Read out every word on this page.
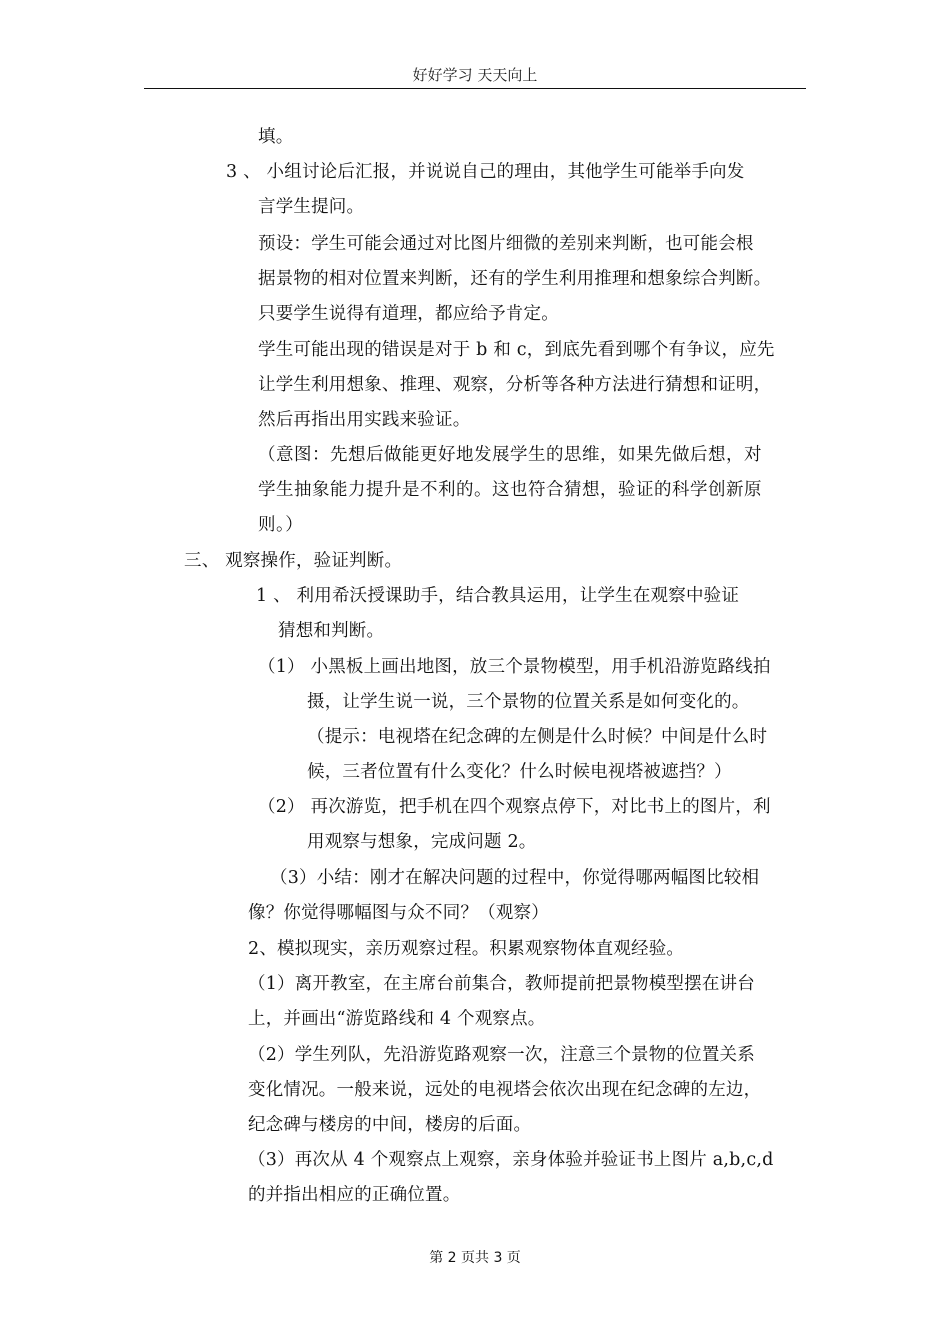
好好学习 天天向上
填。
3 、 小组讨论后汇报，并说说自己的理由，其他学生可能举手向发
言学生提问。
预设：学生可能会通过对比图片细微的差别来判断，也可能会根
据景物的相对位置来判断，还有的学生利用推理和想象综合判断。
只要学生说得有道理，都应给予肯定。
学生可能出现的错误是对于 b 和 c，到底先看到哪个有争议，应先
让学生利用想象、推理、观察，分析等各种方法进行猜想和证明，
然后再指出用实践来验证。
（意图：先想后做能更好地发展学生的思维，如果先做后想，对
学生抽象能力提升是不利的。这也符合猜想，验证的科学创新原
则。）
三、 观察操作，验证判断。
1 、 利用希沃授课助手，结合教具运用，让学生在观察中验证
猜想和判断。
（1） 小黑板上画出地图，放三个景物模型，用手机沿游览路线拍
摄，让学生说一说，三个景物的位置关系是如何变化的。
（提示：电视塔在纪念碑的左侧是什么时候？中间是什么时
候，三者位置有什么变化？什么时候电视塔被遮挡？）
（2） 再次游览，把手机在四个观察点停下，对比书上的图片，利
用观察与想象，完成问题 2。
（3）小结：刚才在解决问题的过程中，你觉得哪两幅图比较相
像？你觉得哪幅图与众不同？（观察）
2、模拟现实，亲历观察过程。积累观察物体直观经验。
（1）离开教室，在主席台前集合，教师提前把景物模型摆在讲台
上，并画出“游览路线和 4 个观察点。
（2）学生列队，先沿游览路观察一次，注意三个景物的位置关系
变化情况。一般来说，远处的电视塔会依次出现在纪念碑的左边，
纪念碑与楼房的中间，楼房的后面。
（3）再次从 4 个观察点上观察，亲身体验并验证书上图片 a,b,c,d
的并指出相应的正确位置。
第 2 页共 3 页
